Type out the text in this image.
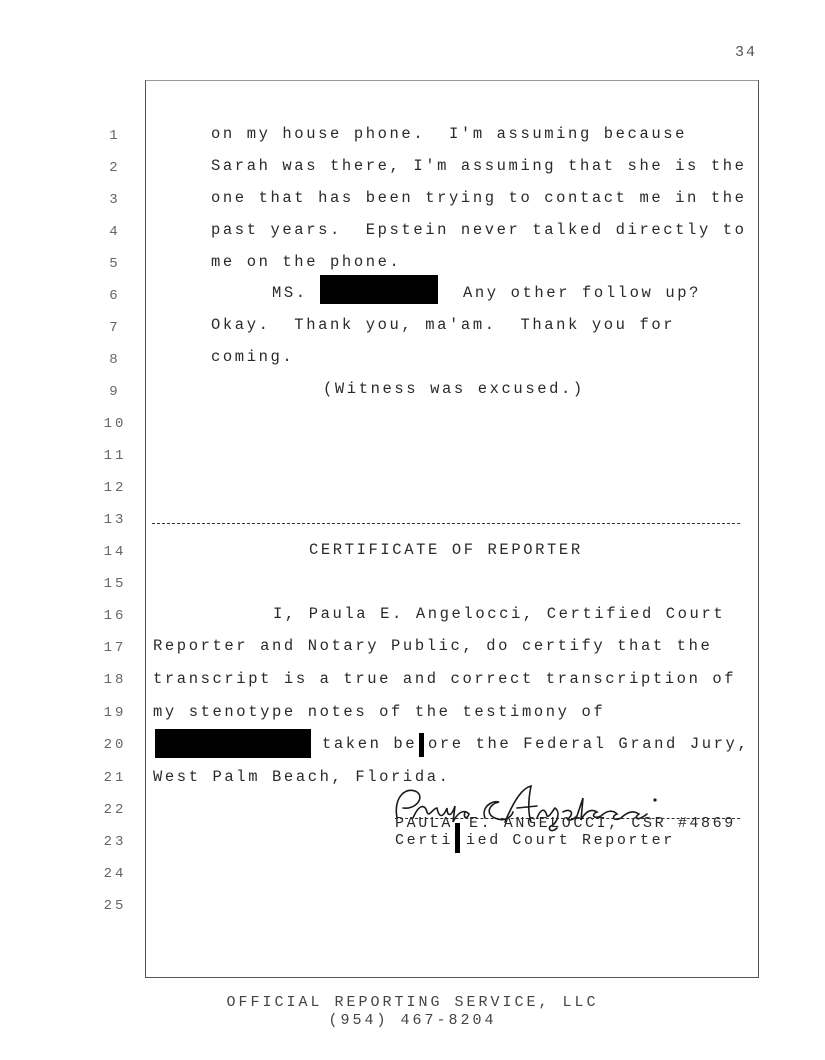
34
1
2
3
4
5
6
7
8
9
10
11
12
13
14
15
16
17
18
19
20
21
22
23
24
25
on my house phone.  I'm assuming because
Sarah was there, I'm assuming that she is the
one that has been trying to contact me in the
past years.  Epstein never talked directly to
me on the phone.
MS.	Any other follow up?
Okay.  Thank you, ma'am.  Thank you for
coming.
(Witness was excused.)
CERTIFICATE OF REPORTER
I, Paula E. Angelocci, Certified Court
Reporter and Notary Public, do certify that the
transcript is a true and correct transcription of
my stenotype notes of the testimony of
taken be ore the Federal Grand Jury,
West Palm Beach, Florida.
PAULA E. ANGELOCCI, CSR #4869
Certi ied Court Reporter
OFFICIAL REPORTING SERVICE, LLC
(954) 467-8204
